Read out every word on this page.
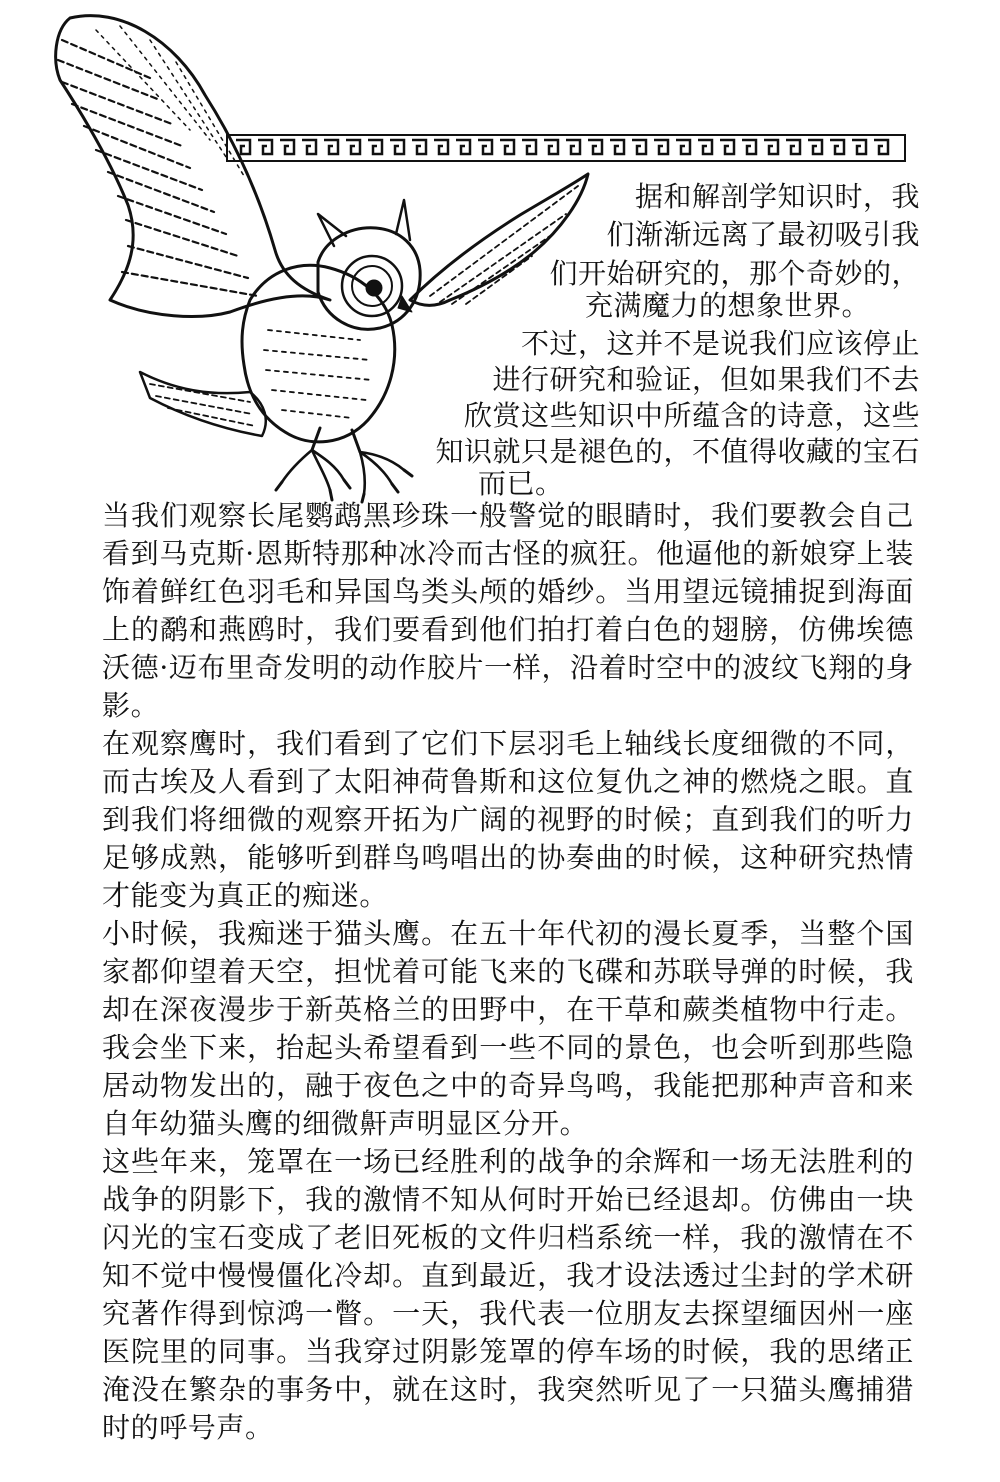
据和解剖学知识时，我
们渐渐远离了最初吸引我
们开始研究的，那个奇妙的，
充满魔力的想象世界。
不过，这并不是说我们应该停止
进行研究和验证，但如果我们不去
欣赏这些知识中所蕴含的诗意，这些
知识就只是褪色的，不值得收藏的宝石
而已。

当我们观察长尾鹦鹉黑珍珠一般警觉的眼睛时，我们要教会自己看到马克斯·恩斯特那种冰冷而古怪的疯狂。他逼他的新娘穿上装饰着鲜红色羽毛和异国鸟类头颅的婚纱。当用望远镜捕捉到海面上的鹬和燕鸥时，我们要看到他们拍打着白色的翅膀，仿佛埃德沃德·迈布里奇发明的动作胶片一样，沿着时空中的波纹飞翔的身影。

在观察鹰时，我们看到了它们下层羽毛上轴线长度细微的不同，而古埃及人看到了太阳神荷鲁斯和这位复仇之神的燃烧之眼。直到我们将细微的观察开拓为广阔的视野的时候；直到我们的听力足够成熟，能够听到群鸟鸣唱出的协奏曲的时候，这种研究热情才能变为真正的痴迷。

小时候，我痴迷于猫头鹰。在五十年代初的漫长夏季，当整个国家都仰望着天空，担忧着可能飞来的飞碟和苏联导弹的时候，我却在深夜漫步于新英格兰的田野中，在干草和蕨类植物中行走。我会坐下来，抬起头希望看到一些不同的景色，也会听到那些隐居动物发出的，融于夜色之中的奇异鸟鸣，我能把那种声音和来自年幼猫头鹰的细微鼾声明显区分开。

这些年来，笼罩在一场已经胜利的战争的余辉和一场无法胜利的战争的阴影下，我的激情不知从何时开始已经退却。仿佛由一块闪光的宝石变成了老旧死板的文件归档系统一样，我的激情在不知不觉中慢慢僵化冷却。直到最近，我才设法透过尘封的学术研究著作得到惊鸿一瞥。一天，我代表一位朋友去探望缅因州一座医院里的同事。当我穿过阴影笼罩的停车场的时候，我的思绪正淹没在繁杂的事务中，就在这时，我突然听见了一只猫头鹰捕猎时的呼号声。
